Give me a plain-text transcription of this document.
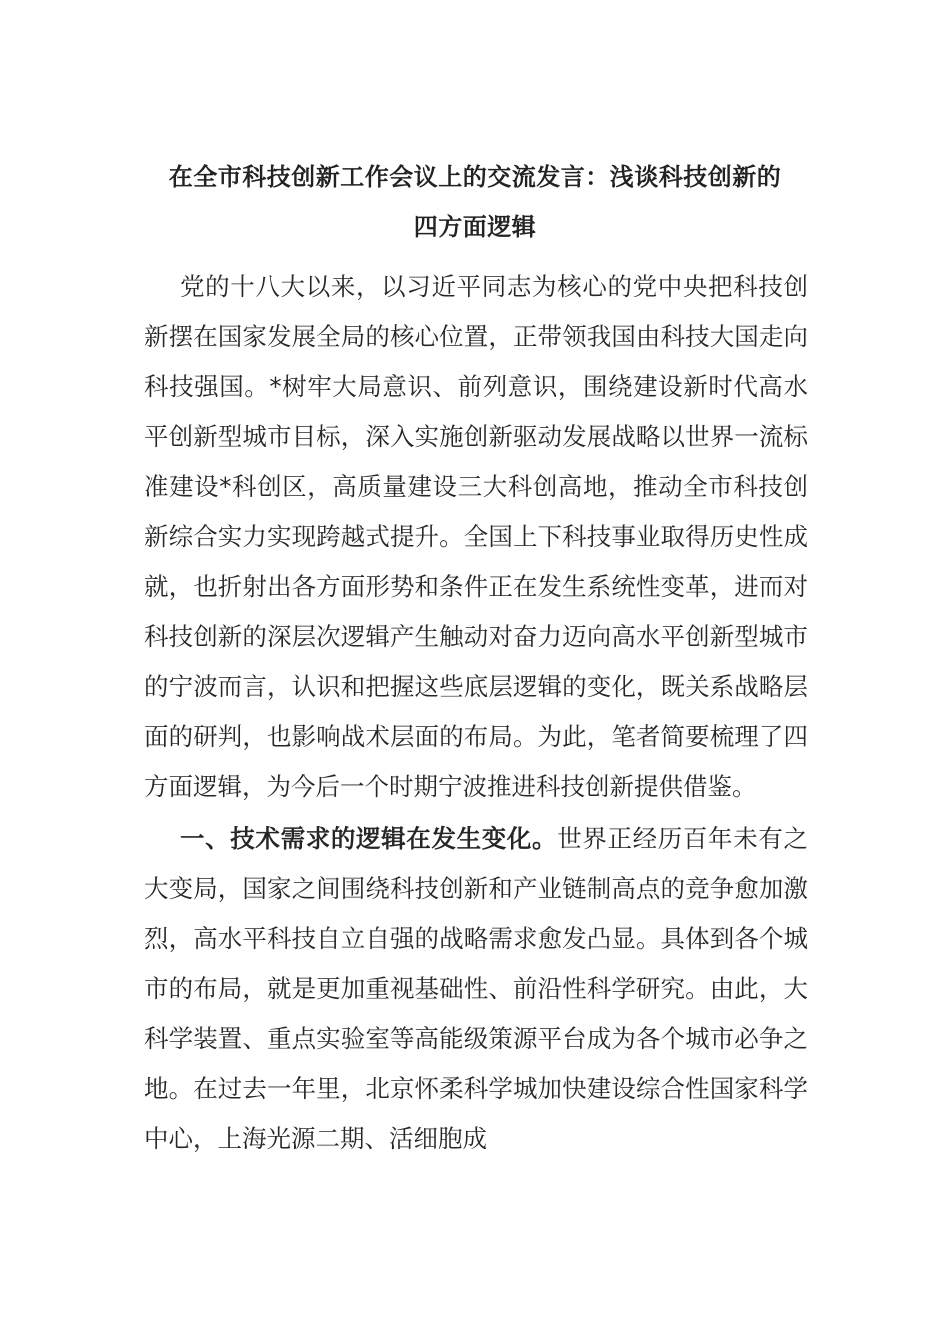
在全市科技创新工作会议上的交流发言：浅谈科技创新的
四方面逻辑

党的十八大以来，以习近平同志为核心的党中央把科技创新摆在国家发展全局的核心位置，正带领我国由科技大国走向科技强国。*树牢大局意识、前列意识，围绕建设新时代高水平创新型城市目标，深入实施创新驱动发展战略以世界一流标准建设*科创区，高质量建设三大科创高地，推动全市科技创新综合实力实现跨越式提升。全国上下科技事业取得历史性成就，也折射出各方面形势和条件正在发生系统性变革，进而对科技创新的深层次逻辑产生触动对奋力迈向高水平创新型城市的宁波而言，认识和把握这些底层逻辑的变化，既关系战略层面的研判，也影响战术层面的布局。为此，笔者简要梳理了四方面逻辑，为今后一个时期宁波推进科技创新提供借鉴。

一、技术需求的逻辑在发生变化。世界正经历百年未有之大变局，国家之间围绕科技创新和产业链制高点的竞争愈加激烈，高水平科技自立自强的战略需求愈发凸显。具体到各个城市的布局，就是更加重视基础性、前沿性科学研究。由此，大科学装置、重点实验室等高能级策源平台成为各个城市必争之地。在过去一年里，北京怀柔科学城加快建设综合性国家科学中心，上海光源二期、活细胞成
